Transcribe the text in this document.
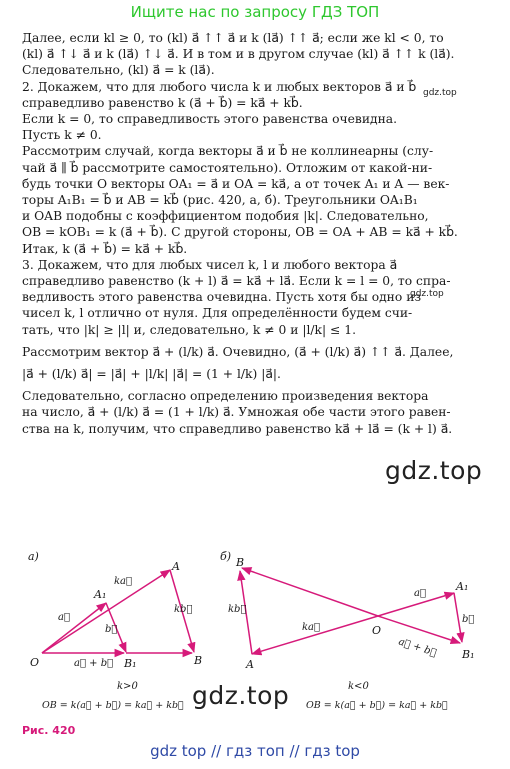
Ищите нас по запросу ГДЗ ТОП
Далее, если kl ≥ 0, то (kl) a⃗ ↑↑ a⃗ и k (la⃗) ↑↑ a⃗; если же kl < 0, то
(kl) a⃗ ↑↓ a⃗ и k (la⃗) ↑↓ a⃗. И в том и в другом случае (kl) a⃗ ↑↑ k (la⃗).
Следовательно, (kl) a⃗ = k (la⃗).
2. Докажем, что для любого числа k и любых векторов a⃗ и b⃗
справедливо равенство k (a⃗ + b⃗) = ka⃗ + kb⃗.
Если k = 0, то справедливость этого равенства очевидна.
Пусть k ≠ 0.
Рассмотрим случай, когда векторы a⃗ и b⃗ не коллинеарны (слу-
чай a⃗ ∥ b⃗ рассмотрите самостоятельно). Отложим от какой-ни-
будь точки O векторы OA₁ = a⃗ и OA = ka⃗, а от точек A₁ и A — век-
торы A₁B₁ = b⃗ и AB = kb⃗ (рис. 420, а, б). Треугольники OA₁B₁
и OAB подобны с коэффициентом подобия |k|. Следовательно,
OB = kOB₁ = k (a⃗ + b⃗). С другой стороны, OB = OA + AB = ka⃗ + kb⃗.
Итак, k (a⃗ + b⃗) = ka⃗ + kb⃗.
3. Докажем, что для любых чисел k, l и любого вектора a⃗
справедливо равенство (k + l) a⃗ = ka⃗ + la⃗. Если k = l = 0, то спра-
ведливость этого равенства очевидна. Пусть хотя бы одно из
чисел k, l отлично от нуля. Для определённости будем счи-
тать, что |k| ≥ |l| и, следовательно, k ≠ 0 и |l/k| ≤ 1.
Рассмотрим вектор a⃗ + (l/k) a⃗. Очевидно, (a⃗ + (l/k) a⃗) ↑↑ a⃗. Далее,
|a⃗ + (l/k) a⃗| = |a⃗| + |l/k| |a⃗| = (1 + l/k) |a⃗|.
Следовательно, согласно определению произведения вектора
на число, a⃗ + (l/k) a⃗ = (1 + l/k) a⃗. Умножая обе части этого равен-
ства на k, получим, что справедливо равенство ka⃗ + la⃗ = (k + l) a⃗.
gdz.top
gdz.top
gdz.top
а)
O
A
A₁
B₁	B
ka⃗
a⃗
b⃗
kb⃗
a⃗ + b⃗
k>0
OB = k(a⃗ + b⃗) = ka⃗ + kb⃗
б) B
A
O
A₁
B₁
a⃗
b⃗
kb⃗
ka⃗
a⃗ + b⃗
k<0
OB = k(a⃗ + b⃗) = ka⃗ + kb⃗
gdz.top
Рис. 420
gdz top // гдз топ // гдз top
